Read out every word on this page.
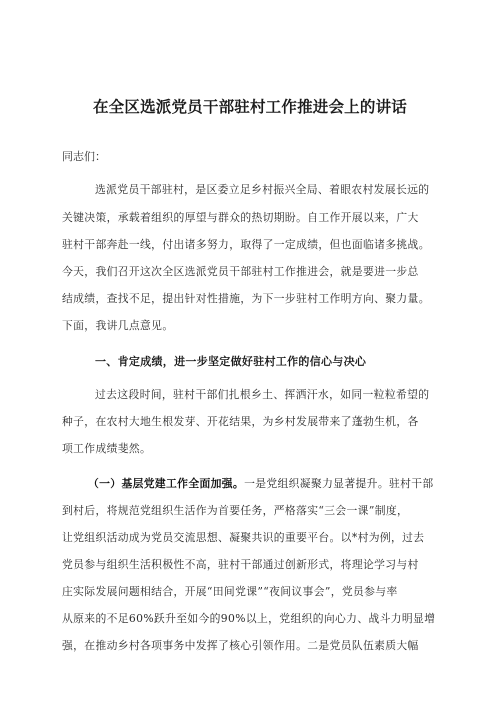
在全区选派党员干部驻村工作推进会上的讲话
同志们：
选派党员干部驻村，是区委立足乡村振兴全局、着眼农村发展长远的
关键决策，承载着组织的厚望与群众的热切期盼。自工作开展以来，广大
驻村干部奔赴一线，付出诸多努力，取得了一定成绩，但也面临诸多挑战。
今天，我们召开这次全区选派党员干部驻村工作推进会，就是要进一步总
结成绩，查找不足，提出针对性措施，为下一步驻村工作明方向、聚力量。
下面，我讲几点意见。
一、肯定成绩，进一步坚定做好驻村工作的信心与决心
过去这段时间，驻村干部们扎根乡土、挥洒汗水，如同一粒粒希望的
种子，在农村大地生根发芽、开花结果，为乡村发展带来了蓬勃生机，各
项工作成绩斐然。
（一）基层党建工作全面加强。一是党组织凝聚力显著提升。驻村干部
到村后，将规范党组织生活作为首要任务，严格落实“三会一课”制度，
让党组织活动成为党员交流思想、凝聚共识的重要平台。以*村为例，过去
党员参与组织生活积极性不高，驻村干部通过创新形式，将理论学习与村
庄实际发展问题相结合，开展“田间党课”“夜间议事会”，党员参与率
从原来的不足60%跃升至如今的90%以上，党组织的向心力、战斗力明显增
强，在推动乡村各项事务中发挥了核心引领作用。二是党员队伍素质大幅
